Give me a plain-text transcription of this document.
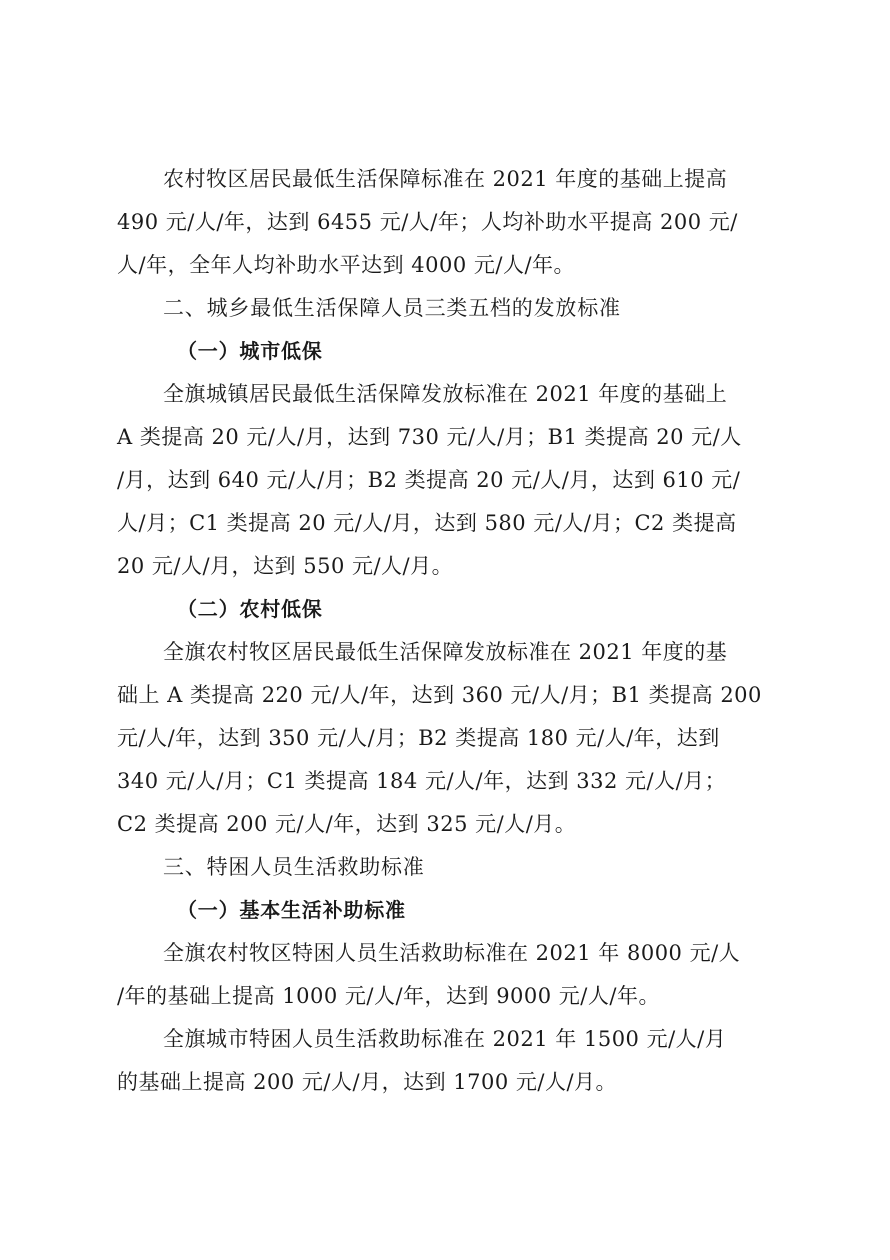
农村牧区居民最低生活保障标准在 2021 年度的基础上提高
490 元/人/年，达到 6455 元/人/年；人均补助水平提高 200 元/
人/年，全年人均补助水平达到 4000 元/人/年。
二、城乡最低生活保障人员三类五档的发放标准
（一）城市低保
全旗城镇居民最低生活保障发放标准在 2021 年度的基础上
A 类提高 20 元/人/月，达到 730 元/人/月；B1 类提高 20 元/人
/月，达到 640 元/人/月；B2 类提高 20 元/人/月，达到 610 元/
人/月；C1 类提高 20 元/人/月，达到 580 元/人/月；C2 类提高
20 元/人/月，达到 550 元/人/月。
（二）农村低保
全旗农村牧区居民最低生活保障发放标准在 2021 年度的基
础上 A 类提高 220 元/人/年，达到 360 元/人/月；B1 类提高 200
元/人/年，达到 350 元/人/月；B2 类提高 180 元/人/年，达到
340 元/人/月；C1 类提高 184 元/人/年，达到 332 元/人/月；
C2 类提高 200 元/人/年，达到 325 元/人/月。
三、特困人员生活救助标准
（一）基本生活补助标准
全旗农村牧区特困人员生活救助标准在 2021 年 8000 元/人
/年的基础上提高 1000 元/人/年，达到 9000 元/人/年。
全旗城市特困人员生活救助标准在 2021 年 1500 元/人/月
的基础上提高 200 元/人/月，达到 1700 元/人/月。
